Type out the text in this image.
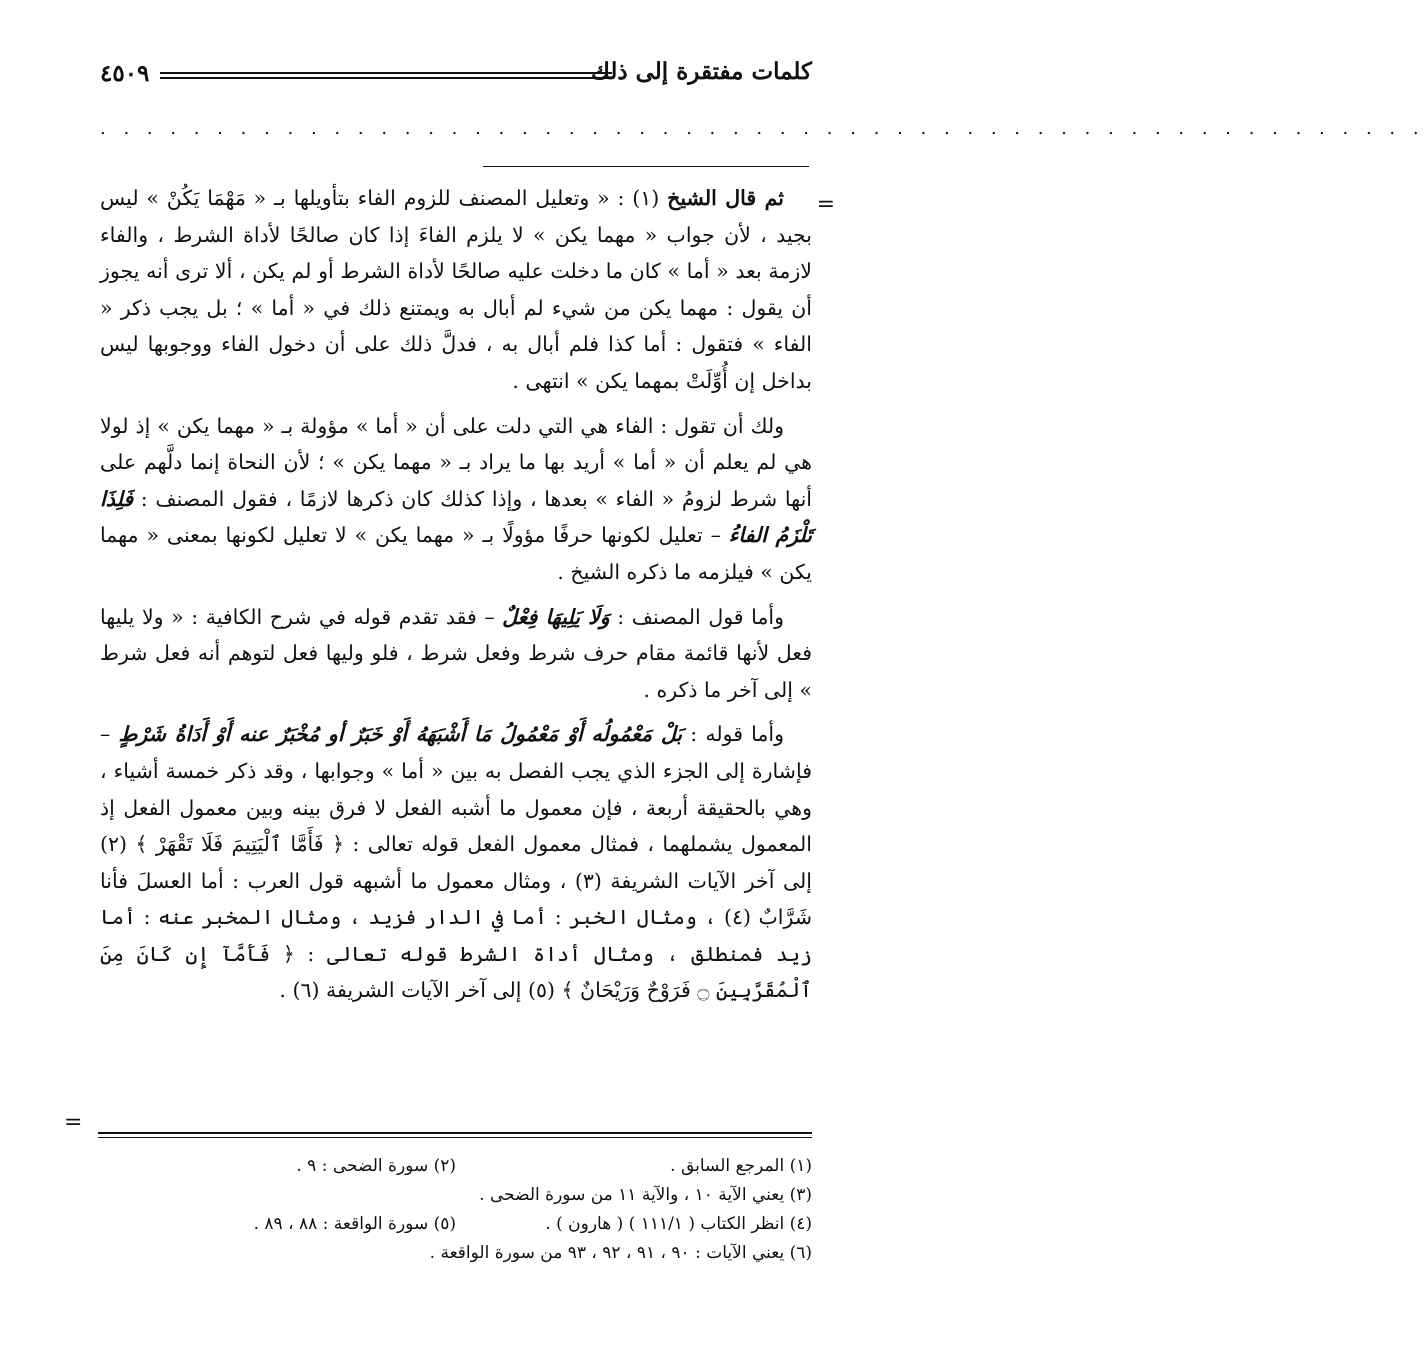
٤٥٠٩	كلمات مفتقرة إلى ذلك
. . . . . . . . . . . . . . . . . . . . . . . . . . . . . . . . . . . . . . . . . . . . . . . . . . . . . . . . .
=

ثم قال الشيخ (١) : « وتعليل المصنف للزوم الفاء بتأويلها بـ « مَهْمَا يَكُنْ » ليس بجيد ، لأن جواب « مهما يكن » لا يلزم الفاءَ إذا كان صالحًا لأداة الشرط ، والفاء لازمة بعد « أما » كان ما دخلت عليه صالحًا لأداة الشرط أو لم يكن ، ألا ترى أنه يجوز أن يقول : مهما يكن من شيء لم أبال به ويمتنع ذلك في « أما » ؛ بل يجب ذكر « الفاء » فتقول : أما كذا فلم أبال به ، فدلَّ ذلك على أن دخول الفاء ووجوبها ليس بداخل إن أُوِّلَتْ بمهما يكن » انتهى .

ولك أن تقول : الفاء هي التي دلت على أن « أما » مؤولة بـ « مهما يكن » إذ لولا هي لم يعلم أن « أما » أريد بها ما يراد بـ « مهما يكن » ؛ لأن النحاة إنما دلَّهم على أنها شرط لزومُ « الفاء » بعدها ، وإذا كذلك كان ذكرها لازمًا ، فقول المصنف : فَلِذَا تَلْزَمُ الفاءُ – تعليل لكونها حرفًا مؤولًا بـ « مهما يكن » لا تعليل لكونها بمعنى « مهما يكن » فيلزمه ما ذكره الشيخ .

وأما قول المصنف : وَلَا يَلِيهَا فِعْلٌ – فقد تقدم قوله في شرح الكافية : « ولا يليها فعل لأنها قائمة مقام حرف شرط وفعل شرط ، فلو وليها فعل لتوهم أنه فعل شرط » إلى آخر ما ذكره .

وأما قوله : بَلْ مَعْمُولُه أَوْ مَعْمُولُ مَا أَشْبَهَهُ أَوْ خَبَرٌ أو مُخْبَرٌ عنه أَوْ أَدَاةُ شَرْطٍ – فإشارة إلى الجزء الذي يجب الفصل به بين « أما » وجوابها ، وقد ذكر خمسة أشياء ، وهي بالحقيقة أربعة ، فإن معمول ما أشبه الفعل لا فرق بينه وبين معمول الفعل إذ المعمول يشملهما ، فمثال معمول الفعل قوله تعالى : ﴿ فَأَمَّا ٱلْيَتِيمَ فَلَا تَقْهَرْ ﴾ (٢) إلى آخر الآيات الشريفة (٣) ، ومثال معمول ما أشبهه قول العرب : أما العسلَ فأنا شَرَّابٌ (٤) ، ومثال الخبر : أما في الدار فزيد ، ومثال المخبر عنه : أما زيد فمنطلق ، ومثال أداة الشرط قوله تعالى : ﴿ فَأَمَّآ إِن كَانَ مِنَ ٱلْمُقَرَّبِينَ ۝ فَرَوْحٌ وَرَيْحَانٌ ﴾ (٥) إلى آخر الآيات الشريفة (٦) .

=
(١) المرجع السابق .
(٢) سورة الضحى : ٩ .
(٣) يعني الآية ١٠ ، والآية ١١ من سورة الضحى .
(٤) انظر الكتاب ( ١١١/١ ) ( هارون ) .
(٥) سورة الواقعة : ٨٨ ، ٨٩ .
(٦) يعني الآيات : ٩٠ ، ٩١ ، ٩٢ ، ٩٣ من سورة الواقعة .
